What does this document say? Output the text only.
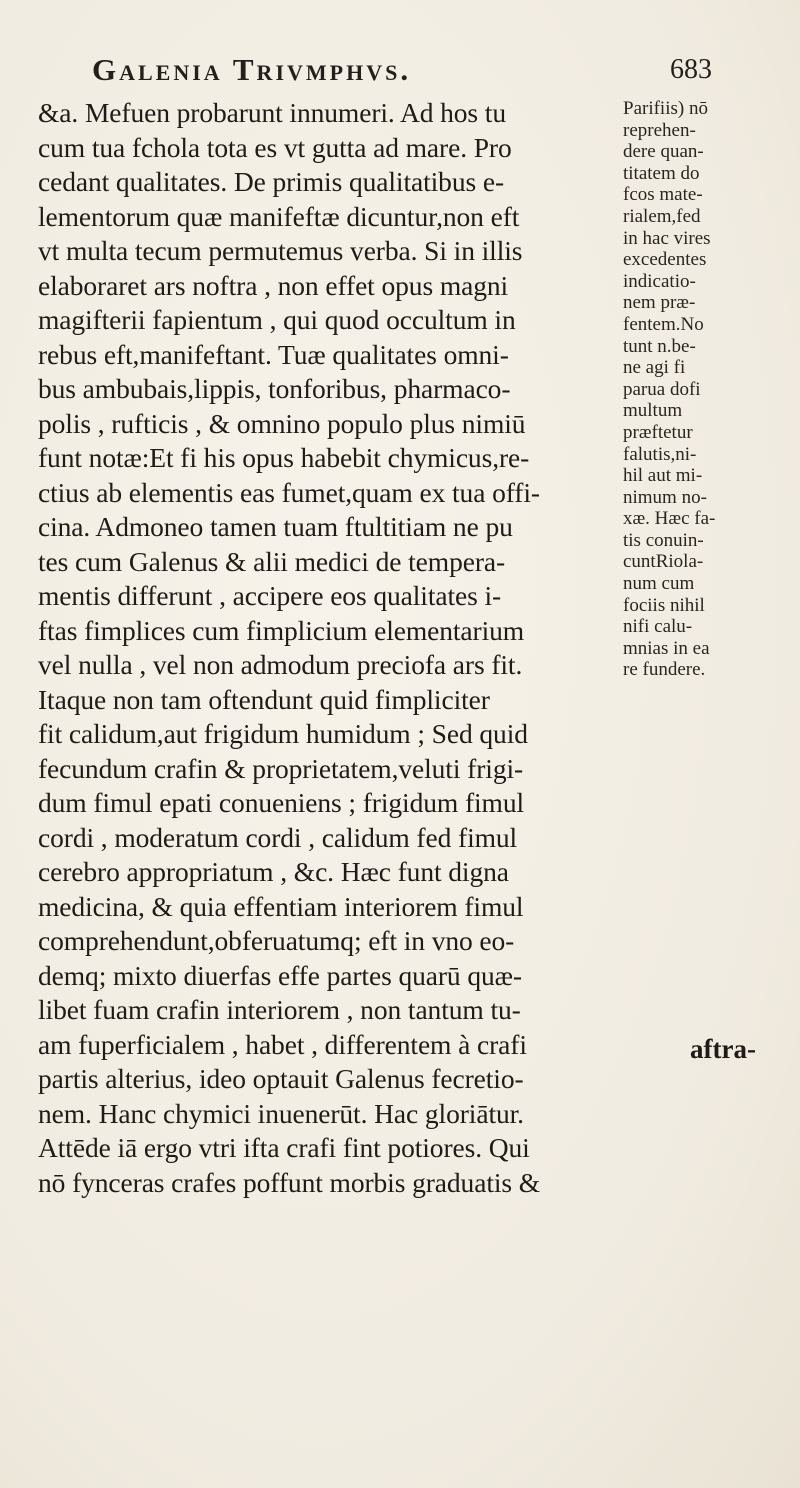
Galenia Trivmphvs.	683
&a. Mefuen probarunt innumeri. Ad hos tu
cum tua fchola tota es vt gutta ad mare. Pro
cedant qualitates. De primis qualitatibus e-
lementorum quæ manifeftæ dicuntur,non eft
vt multa tecum permutemus verba. Si in illis
elaboraret ars noftra , non effet opus magni
magifterii fapientum , qui quod occultum in
rebus eft,manifeftant. Tuæ qualitates omni-
bus ambubais,lippis, tonforibus, pharmaco-
polis , rufticis , & omnino populo plus nimiū
funt notæ:Et fi his opus habebit chymicus,re-
ctius ab elementis eas fumet,quam ex tua offi-
cina. Admoneo tamen tuam ftultitiam ne pu
tes cum Galenus & alii medici de tempera-
mentis differunt , accipere eos qualitates i-
ftas fimplices cum fimplicium elementarium
vel nulla , vel non admodum preciofa ars fit.
Itaque non tam oftendunt quid fimpliciter
fit calidum,aut frigidum humidum ; Sed quid
fecundum crafin & proprietatem,veluti frigi-
dum fimul epati conueniens ; frigidum fimul
cordi , moderatum cordi , calidum fed fimul
cerebro appropriatum , &c. Hæc funt digna
medicina, & quia effentiam interiorem fimul
comprehendunt,obferuatumq; eft in vno eo-
demq; mixto diuerfas effe partes quarū quæ-
libet fuam crafin interiorem , non tantum tu-
am fuperficialem , habet , differentem à crafi
partis alterius, ideo optauit Galenus fecretio-
nem. Hanc chymici inuenerūt. Hac gloriātur.
Attēde iā ergo vtri ifta crafi fint potiores. Qui
nō fynceras crafes poffunt morbis graduatis &
Parifiis) nō
reprehen-
dere quan-
titatem do
fcos mate-
rialem,fed
in hac vires
excedentes
indicatio-
nem præ-
fentem.No
tunt n.be-
ne agi fi
parua dofi
multum
præftetur
falutis,ni-
hil aut mi-
nimum no-
xæ. Hæc fa-
tis conuin-
cuntRiola-
num cum
fociis nihil
nifi calu-
mnias in ea
re fundere.
aftra-
